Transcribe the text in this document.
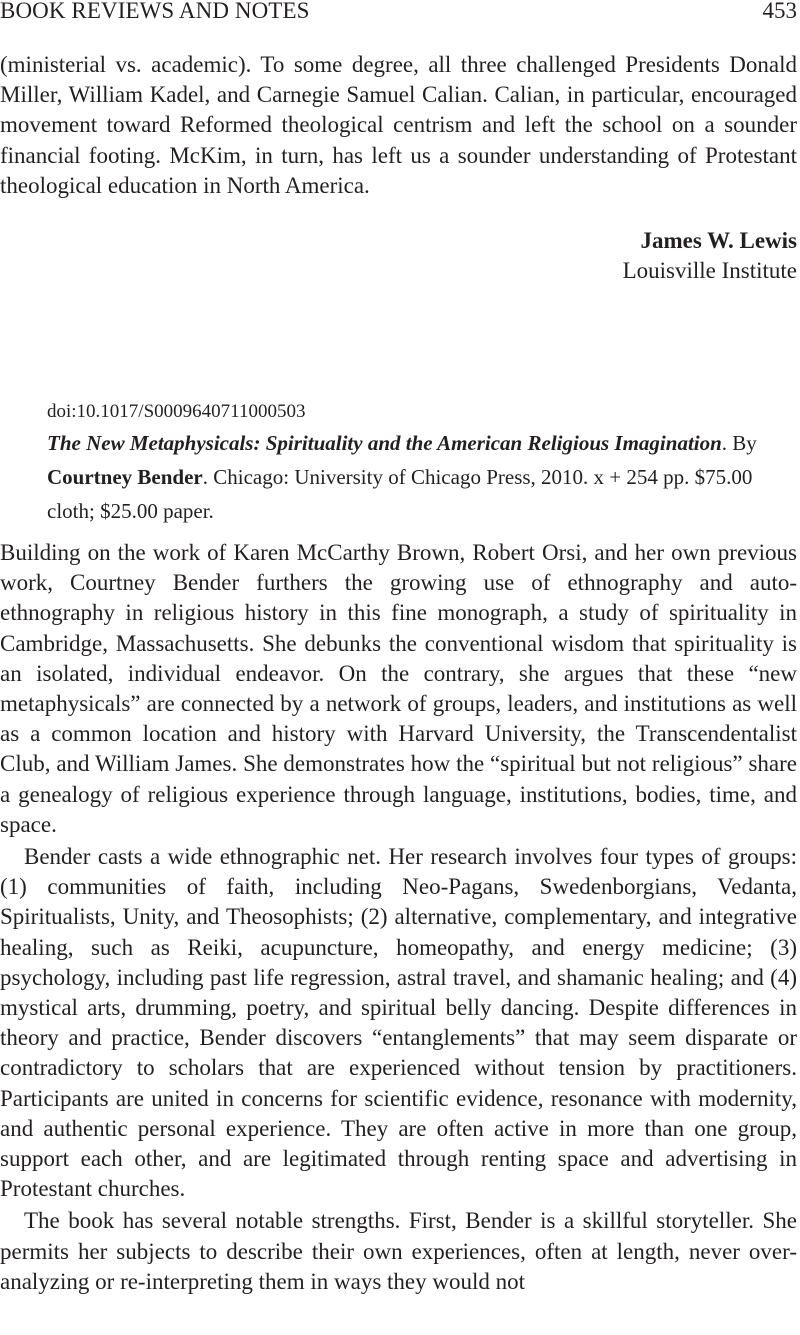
BOOK REVIEWS AND NOTES	453

(ministerial vs. academic). To some degree, all three challenged Presidents Donald Miller, William Kadel, and Carnegie Samuel Calian. Calian, in particular, encouraged movement toward Reformed theological centrism and left the school on a sounder financial footing. McKim, in turn, has left us a sounder understanding of Protestant theological education in North America.

James W. Lewis
Louisville Institute
doi:10.1017/S0009640711000503
The New Metaphysicals: Spirituality and the American Religious Imagination. By Courtney Bender. Chicago: University of Chicago Press, 2010. x + 254 pp. $75.00 cloth; $25.00 paper.

Building on the work of Karen McCarthy Brown, Robert Orsi, and her own previous work, Courtney Bender furthers the growing use of ethnography and auto-ethnography in religious history in this fine monograph, a study of spirituality in Cambridge, Massachusetts. She debunks the conventional wisdom that spirituality is an isolated, individual endeavor. On the contrary, she argues that these “new metaphysicals” are connected by a network of groups, leaders, and institutions as well as a common location and history with Harvard University, the Transcendentalist Club, and William James. She demonstrates how the “spiritual but not religious” share a genealogy of religious experience through language, institutions, bodies, time, and space.

Bender casts a wide ethnographic net. Her research involves four types of groups: (1) communities of faith, including Neo-Pagans, Swedenborgians, Vedanta, Spiritualists, Unity, and Theosophists; (2) alternative, complementary, and integrative healing, such as Reiki, acupuncture, homeopathy, and energy medicine; (3) psychology, including past life regression, astral travel, and shamanic healing; and (4) mystical arts, drumming, poetry, and spiritual belly dancing. Despite differences in theory and practice, Bender discovers “entanglements” that may seem disparate or contradictory to scholars that are experienced without tension by practitioners. Participants are united in concerns for scientific evidence, resonance with modernity, and authentic personal experience. They are often active in more than one group, support each other, and are legitimated through renting space and advertising in Protestant churches.

The book has several notable strengths. First, Bender is a skillful storyteller. She permits her subjects to describe their own experiences, often at length, never over-analyzing or re-interpreting them in ways they would not
